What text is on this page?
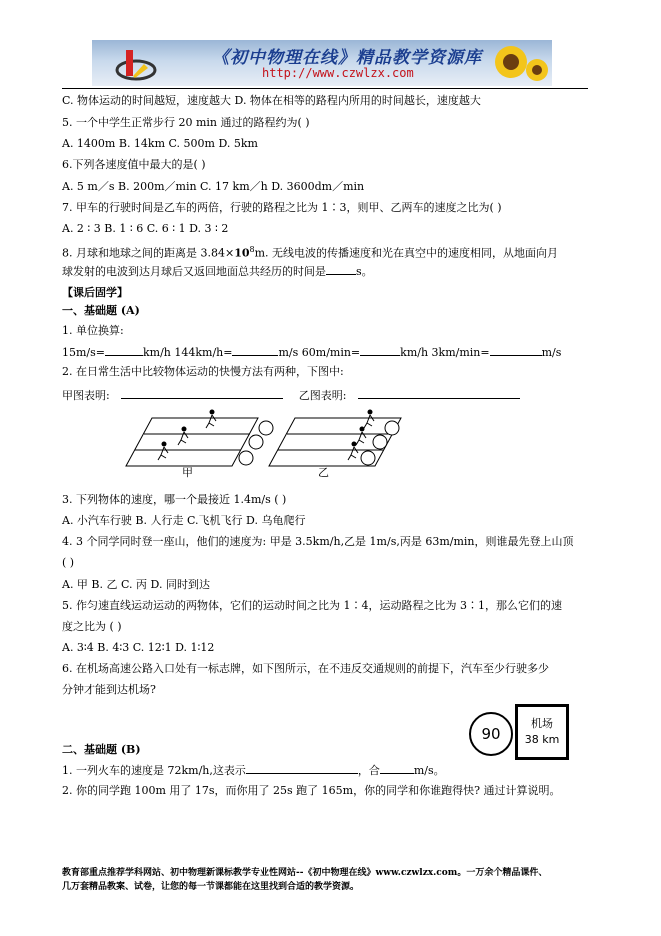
《初中物理在线》精品教学资源库
http://www.czwlzx.com
C. 物体运动的时间越短，速度越大 D. 物体在相等的路程内所用的时间越长，速度越大
5. 一个中学生正常步行 20 min 通过的路程约为( )
A. 1400m B. 14km C. 500m D. 5km
6.下列各速度值中最大的是( )
A. 5 m／s B. 200m／min C. 17 km／h D. 3600dm／min
7. 甲车的行驶时间是乙车的两倍，行驶的路程之比为 1∶3，则甲、乙两车的速度之比为( )
A. 2 ∶ 3 B. 1 ∶ 6 C. 6 ∶ 1 D. 3 ∶ 2
8. 月球和地球之间的距离是 $3.84\times 10^8m$. 无线电波的传播速度和光在真空中的速度相同，从地面向月
球发射的电波到达月球后又返回地面总共经历的时间是	s。
【课后固学】
一、基础题 (A)
1. 单位换算:
15m/s=	km/h 144km/h=	m/s 60m/min=	km/h 3km/min=	m/s
2. 在日常生活中比较物体运动的快慢方法有两种，下图中:
甲图表明:	乙图表明:
甲	乙
3. 下列物体的速度，哪一个最接近 1.4m/s ( )
A. 小汽车行驶 B. 人行走 C.飞机飞行 D. 乌龟爬行
4. 3 个同学同时登一座山，他们的速度为: 甲是 3.5km/h,乙是 1m/s,丙是 63m/min，则谁最先登上山顶
( )
A. 甲 B. 乙 C. 丙 D. 同时到达
5. 作匀速直线运动运动的两物体，它们的运动时间之比为 1∶4，运动路程之比为 3∶1，那么它们的速
度之比为 ( )
A. 3∶4 B. 4∶3 C. 12∶1 D. 1∶12
6. 在机场高速公路入口处有一标志牌，如下图所示，在不违反交通规则的前提下，汽车至少行驶多少
分钟才能到达机场?
90
机场
38 km
二、基础题 (B)
1. 一列火车的速度是 72km/h,这表示	，合	m/s。
2. 你的同学跑 100m 用了 17s，而你用了 25s 跑了 165m，你的同学和你谁跑得快? 通过计算说明。
教育部重点推荐学科网站、初中物理新课标教学专业性网站--《初中物理在线》www.czwlzx.com。一万余个精品课件、
几万套精品教案、试卷，让您的每一节课都能在这里找到合适的教学资源。
